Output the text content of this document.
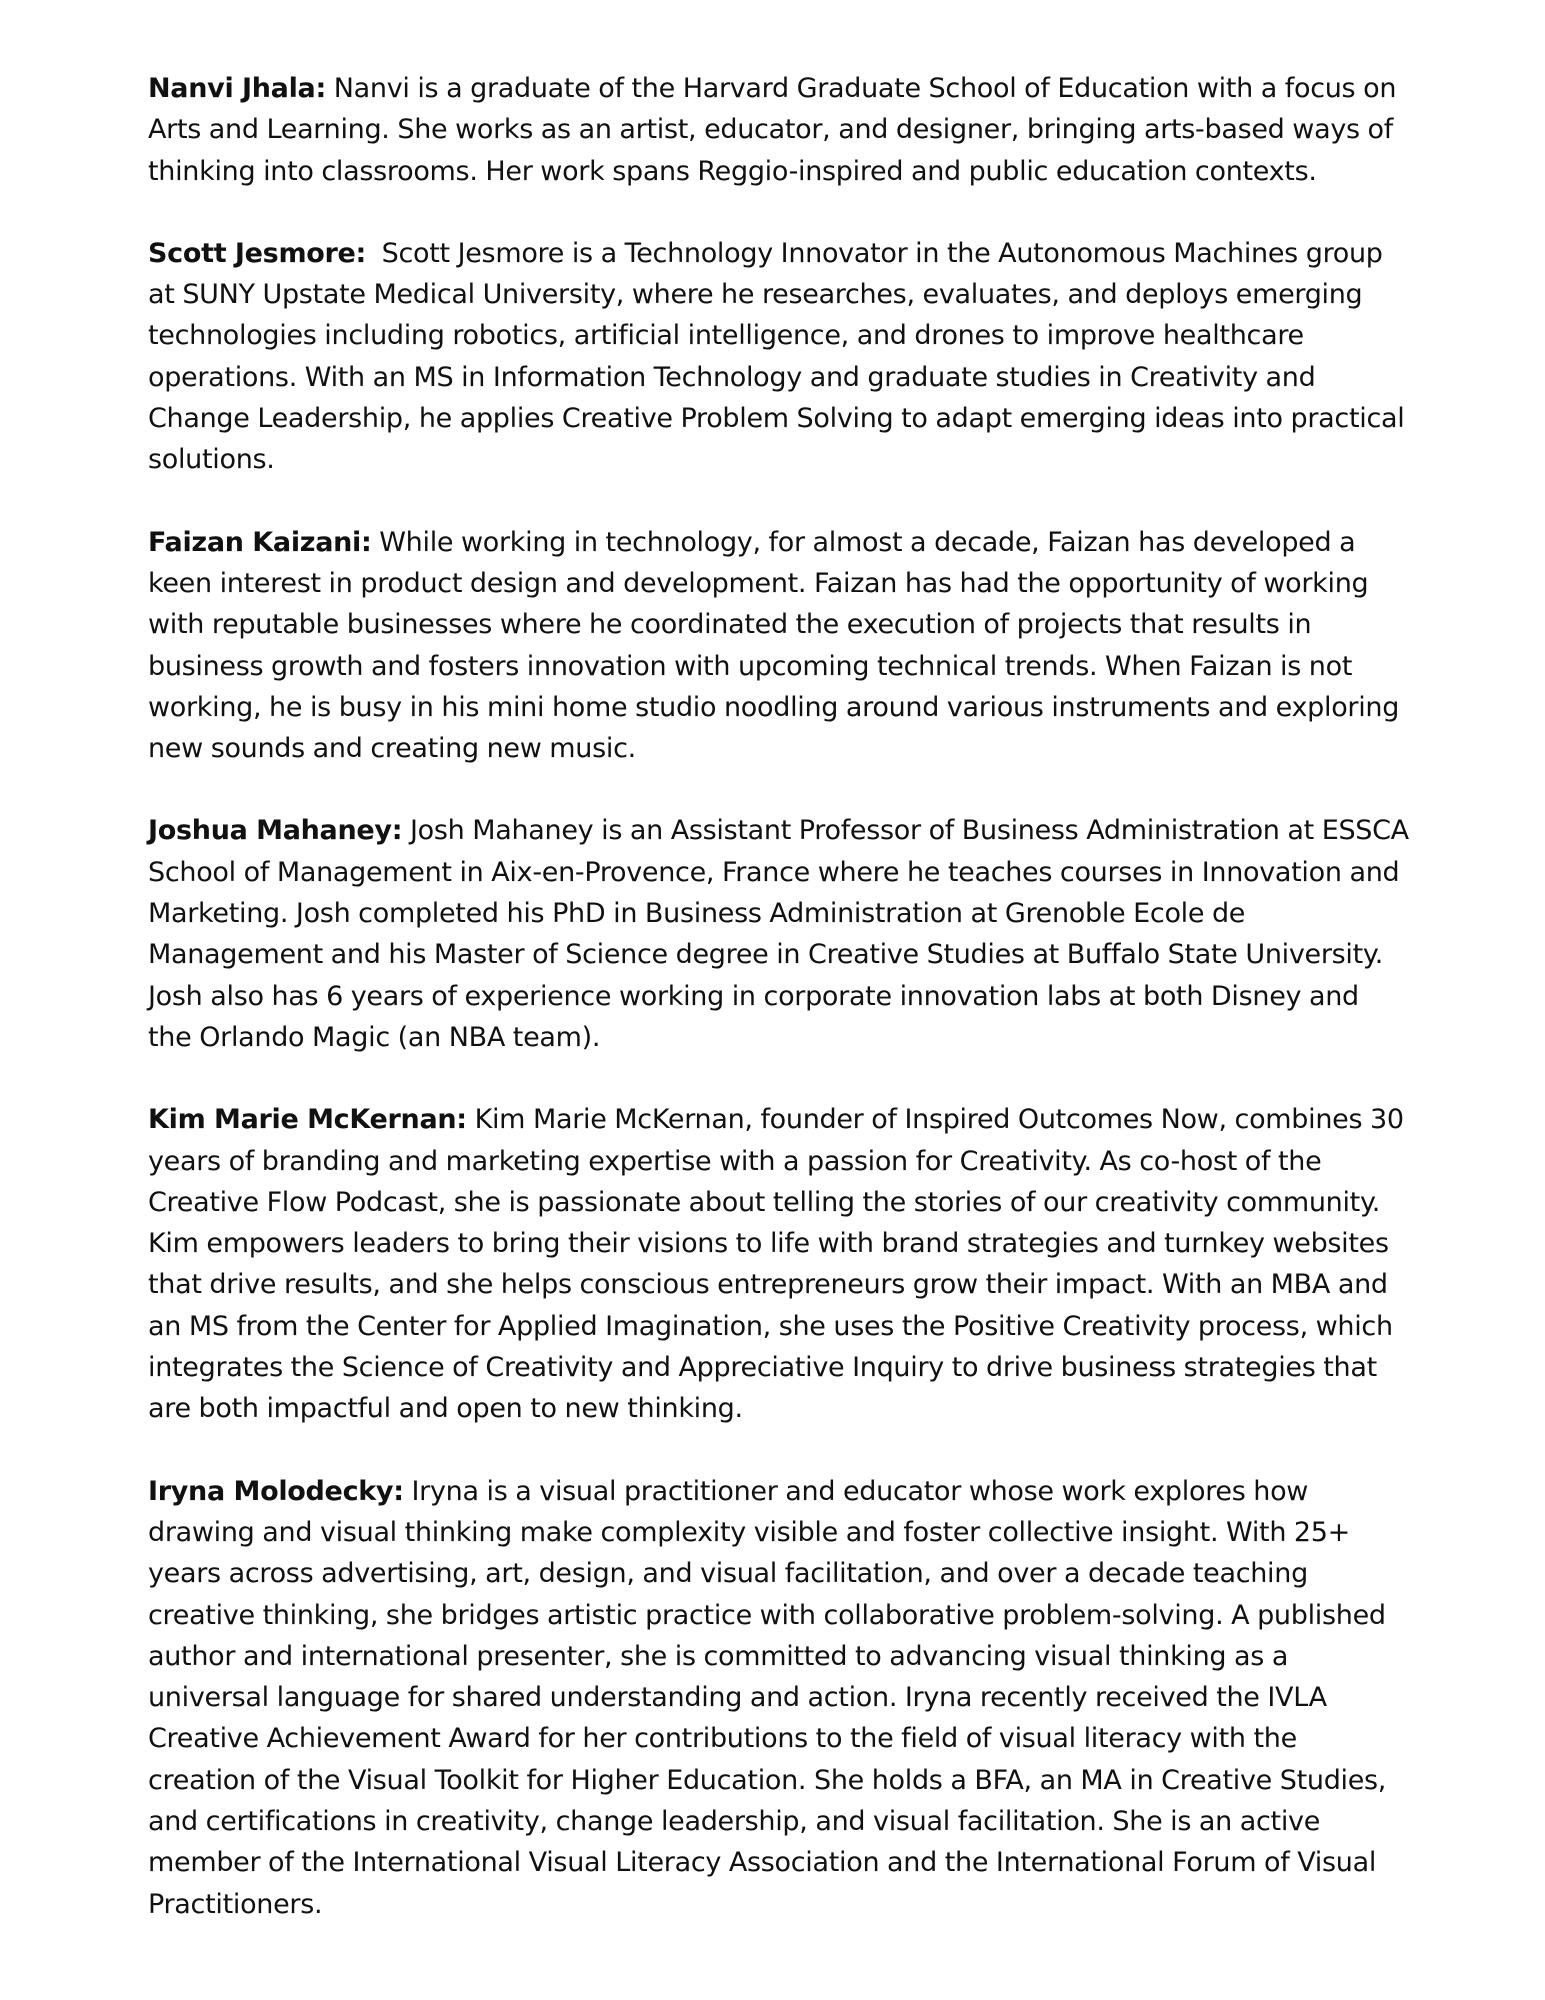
Nanvi Jhala: Nanvi is a graduate of the Harvard Graduate School of Education with a focus on Arts and Learning. She works as an artist, educator, and designer, bringing arts-based ways of thinking into classrooms. Her work spans Reggio-inspired and public education contexts.

Scott Jesmore:  Scott Jesmore is a Technology Innovator in the Autonomous Machines group at SUNY Upstate Medical University, where he researches, evaluates, and deploys emerging technologies including robotics, artificial intelligence, and drones to improve healthcare operations. With an MS in Information Technology and graduate studies in Creativity and Change Leadership, he applies Creative Problem Solving to adapt emerging ideas into practical solutions.

Faizan Kaizani: While working in technology, for almost a decade, Faizan has developed a keen interest in product design and development. Faizan has had the opportunity of working with reputable businesses where he coordinated the execution of projects that results in business growth and fosters innovation with upcoming technical trends. When Faizan is not working, he is busy in his mini home studio noodling around various instruments and exploring new sounds and creating new music.

Joshua Mahaney: Josh Mahaney is an Assistant Professor of Business Administration at ESSCA School of Management in Aix-en-Provence, France where he teaches courses in Innovation and Marketing. Josh completed his PhD in Business Administration at Grenoble Ecole de Management and his Master of Science degree in Creative Studies at Buffalo State University. Josh also has 6 years of experience working in corporate innovation labs at both Disney and the Orlando Magic (an NBA team).

Kim Marie McKernan: Kim Marie McKernan, founder of Inspired Outcomes Now, combines 30 years of branding and marketing expertise with a passion for Creativity. As co-host of the Creative Flow Podcast, she is passionate about telling the stories of our creativity community. Kim empowers leaders to bring their visions to life with brand strategies and turnkey websites that drive results, and she helps conscious entrepreneurs grow their impact. With an MBA and an MS from the Center for Applied Imagination, she uses the Positive Creativity process, which integrates the Science of Creativity and Appreciative Inquiry to drive business strategies that are both impactful and open to new thinking.

Iryna Molodecky: Iryna is a visual practitioner and educator whose work explores how drawing and visual thinking make complexity visible and foster collective insight. With 25+ years across advertising, art, design, and visual facilitation, and over a decade teaching creative thinking, she bridges artistic practice with collaborative problem-solving. A published author and international presenter, she is committed to advancing visual thinking as a universal language for shared understanding and action. Iryna recently received the IVLA Creative Achievement Award for her contributions to the field of visual literacy with the creation of the Visual Toolkit for Higher Education. She holds a BFA, an MA in Creative Studies, and certifications in creativity, change leadership, and visual facilitation. She is an active member of the International Visual Literacy Association and the International Forum of Visual Practitioners.
